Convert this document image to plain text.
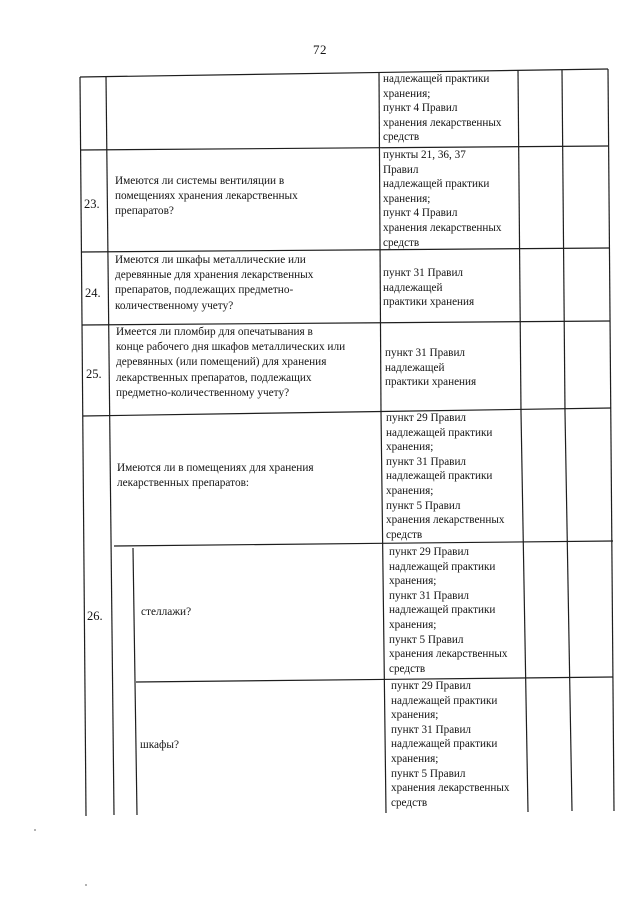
72
надлежащей практики
хранения;
пункт 4 Правил
хранения лекарственных
средств
23.
Имеются ли системы вентиляции в
помещениях хранения лекарственных
препаратов?
пункты 21, 36, 37
Правил
надлежащей практики
хранения;
пункт 4 Правил
хранения лекарственных
средств
24.
Имеются ли шкафы металлические или
деревянные для хранения лекарственных
препаратов, подлежащих предметно-
количественному учету?
пункт 31 Правил
надлежащей
практики хранения
25.
Имеется ли пломбир для опечатывания в
конце рабочего дня шкафов металлических или
деревянных (или помещений) для хранения
лекарственных препаратов, подлежащих
предметно-количественному учету?
пункт 31 Правил
надлежащей
практики хранения
26.
Имеются ли в помещениях для хранения
лекарственных препаратов:
пункт 29 Правил
надлежащей практики
хранения;
пункт 31 Правил
надлежащей практики
хранения;
пункт 5 Правил
хранения лекарственных
средств
стеллажи?
пункт 29 Правил
надлежащей практики
хранения;
пункт 31 Правил
надлежащей практики
хранения;
пункт 5 Правил
хранения лекарственных
средств
шкафы?
пункт 29 Правил
надлежащей практики
хранения;
пункт 31 Правил
надлежащей практики
хранения;
пункт 5 Правил
хранения лекарственных
средств
